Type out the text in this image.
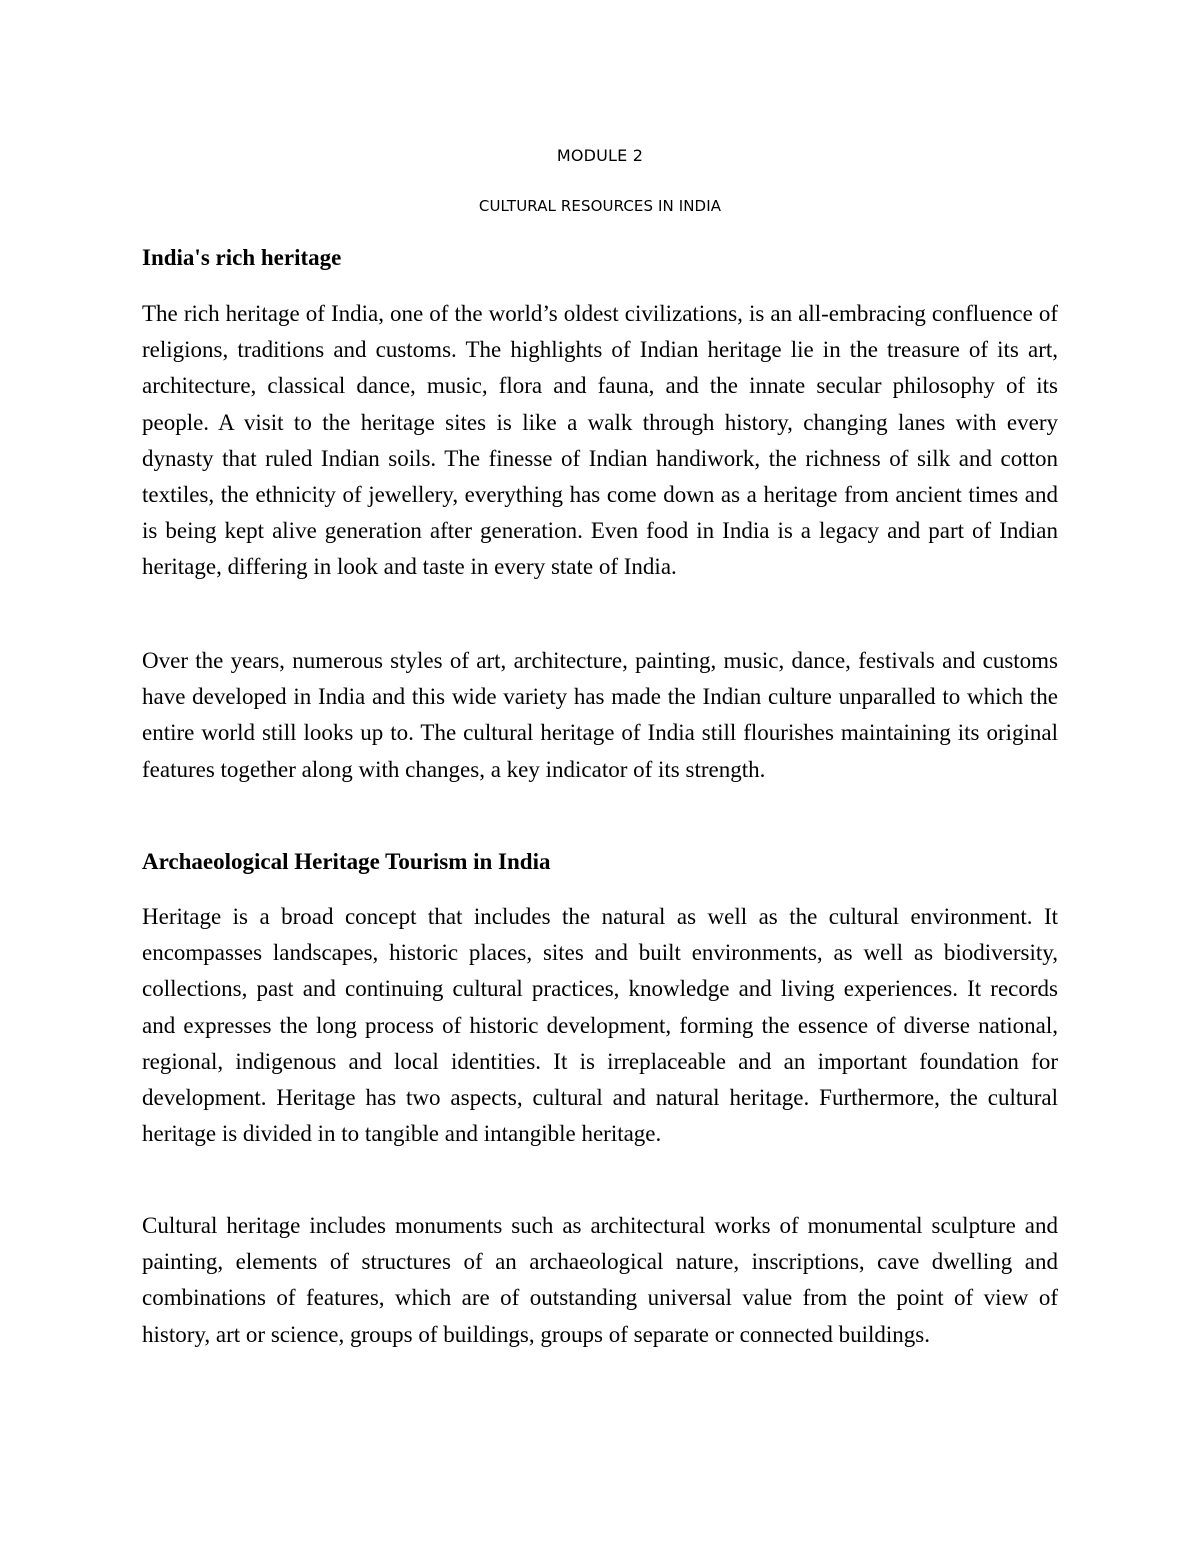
MODULE 2
CULTURAL RESOURCES IN INDIA
India's rich heritage

The rich heritage of India, one of the world’s oldest civilizations, is an all-embracing confluence of religions, traditions and customs. The highlights of Indian heritage lie in the treasure of its art, architecture, classical dance, music, flora and fauna, and the innate secular philosophy of its people. A visit to the heritage sites is like a walk through history, changing lanes with every dynasty that ruled Indian soils. The finesse of Indian handiwork, the richness of silk and cotton textiles, the ethnicity of jewellery, everything has come down as a heritage from ancient times and is being kept alive generation after generation. Even food in India is a legacy and part of Indian heritage, differing in look and taste in every state of India.

Over the years, numerous styles of art, architecture, painting, music, dance, festivals and customs have developed in India and this wide variety has made the Indian culture unparalled to which the entire world still looks up to. The cultural heritage of India still flourishes maintaining its original features together along with changes, a key indicator of its strength.

Archaeological Heritage Tourism in India

Heritage is a broad concept that includes the natural as well as the cultural environment. It encompasses landscapes, historic places, sites and built environments, as well as biodiversity, collections, past and continuing cultural practices, knowledge and living experiences. It records and expresses the long process of historic development, forming the essence of diverse national, regional, indigenous and local identities. It is irreplaceable and an important foundation for development. Heritage has two aspects, cultural and natural heritage. Furthermore, the cultural heritage is divided in to tangible and intangible heritage.

Cultural heritage includes monuments such as architectural works of monumental sculpture and painting, elements of structures of an archaeological nature, inscriptions, cave dwelling and combinations of features, which are of outstanding universal value from the point of view of history, art or science, groups of buildings, groups of separate or connected buildings.
